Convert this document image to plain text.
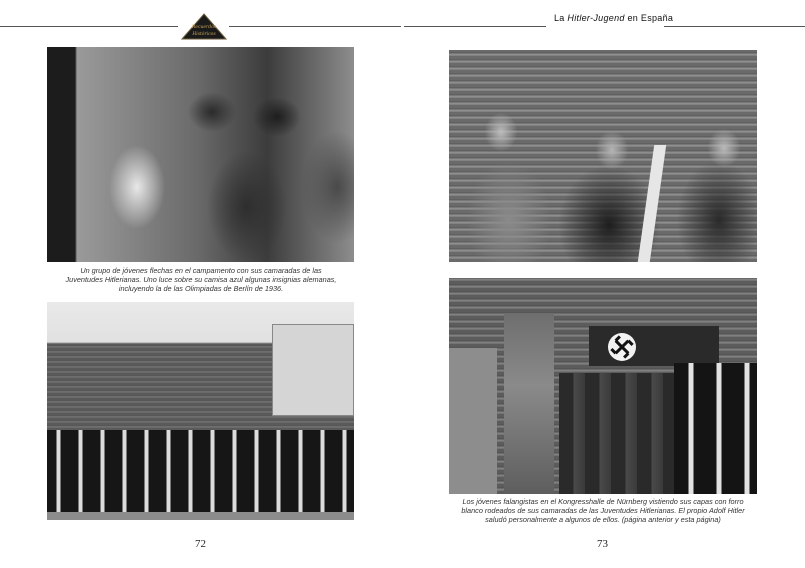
Recuerdos
Históricos
La Hitler-Jugend en España
Un grupo de jóvenes flechas en el campamento con sus camaradas de las
Juventudes Hitlerianas. Uno luce sobre su camisa azul algunas insignias alemanas,
incluyendo la de las Olimpiadas de Berlín de 1936.
72
Los jóvenes falangistas en el Kongresshalle de Nürnberg vistiendo sus capas con forro
blanco rodeados de sus camaradas de las Juventudes Hitlerianas. El propio Adolf Hitler
saludó personalmente a algunos de ellos. (página anterior y esta página)
73
